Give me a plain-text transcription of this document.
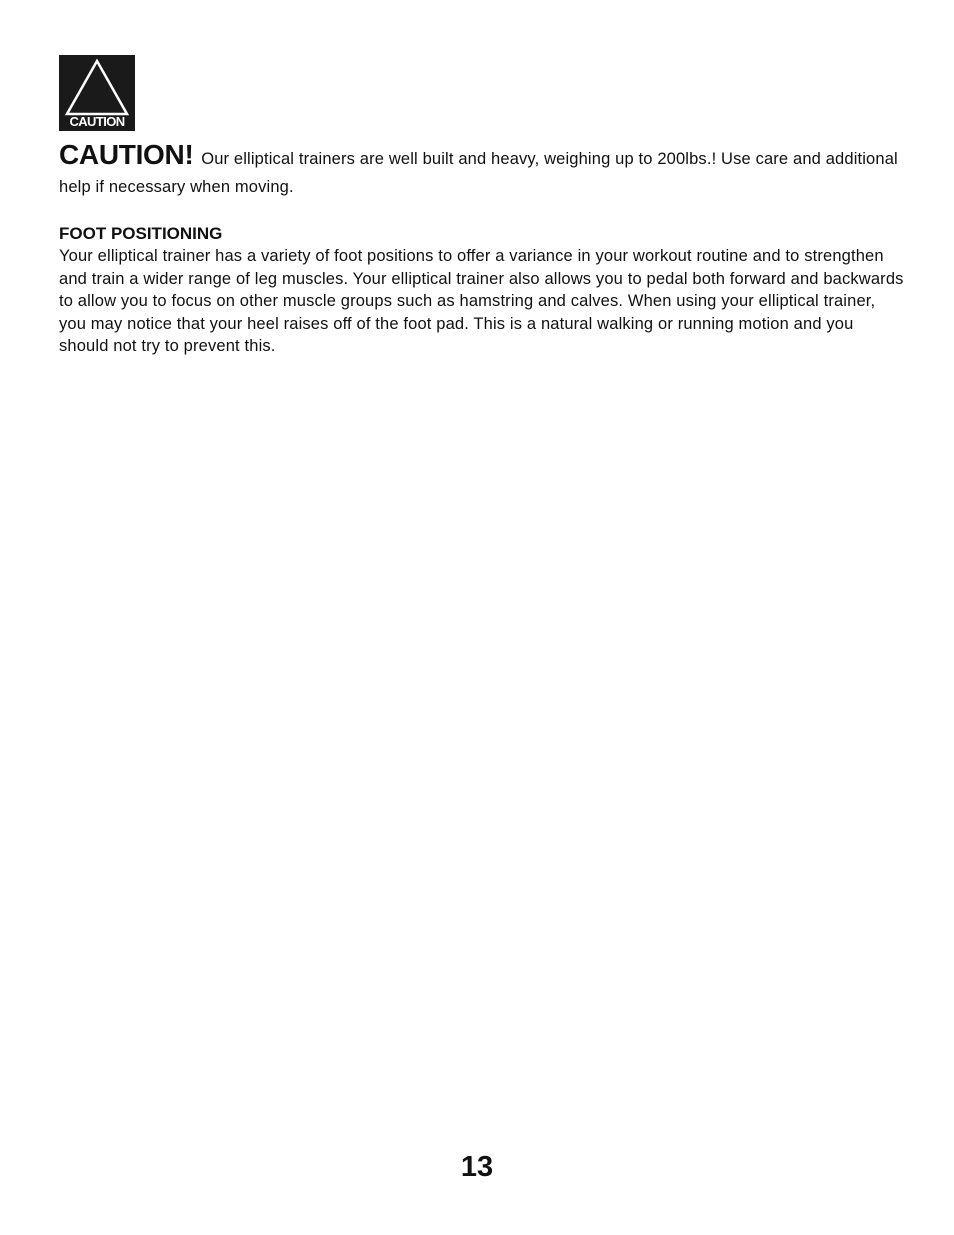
CAUTION

CAUTION! Our elliptical trainers are well built and heavy, weighing up to 200lbs.! Use care and additional help if necessary when moving.

FOOT POSITIONING

Your elliptical trainer has a variety of foot positions to offer a variance in your workout routine and to strengthen and train a wider range of leg muscles. Your elliptical trainer also allows you to pedal both forward and backwards to allow you to focus on other muscle groups such as hamstring and calves. When using your elliptical trainer, you may notice that your heel raises off of the foot pad. This is a natural walking or running motion and you should not try to prevent this.

13
